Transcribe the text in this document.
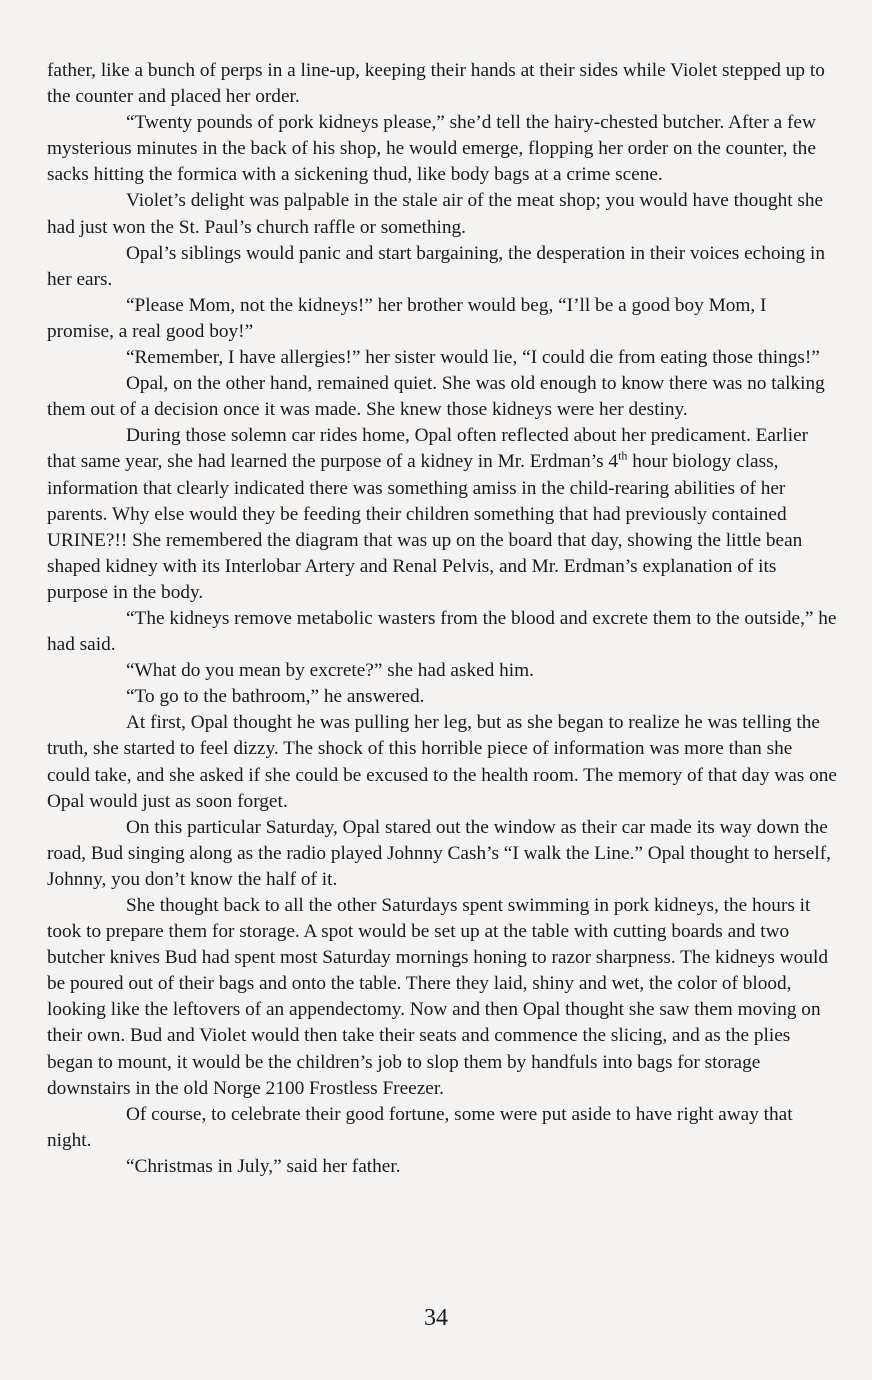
father, like a bunch of perps in a line-up, keeping their hands at their sides while Violet stepped up to the counter and placed her order.

“Twenty pounds of pork kidneys please,” she’d tell the hairy-chested butcher. After a few mysterious minutes in the back of his shop, he would emerge, flopping her order on the counter, the sacks hitting the formica with a sickening thud, like body bags at a crime scene.

Violet’s delight was palpable in the stale air of the meat shop; you would have thought she had just won the St. Paul’s church raffle or something.

Opal’s siblings would panic and start bargaining, the desperation in their voices echoing in her ears.

“Please Mom, not the kidneys!” her brother would beg, “I’ll be a good boy Mom, I promise, a real good boy!”

“Remember, I have allergies!” her sister would lie, “I could die from eating those things!”

Opal, on the other hand, remained quiet. She was old enough to know there was no talking them out of a decision once it was made. She knew those kidneys were her destiny.

During those solemn car rides home, Opal often reflected about her predicament. Earlier that same year, she had learned the purpose of a kidney in Mr. Erdman’s 4th hour biology class, information that clearly indicated there was something amiss in the child-rearing abilities of her parents. Why else would they be feeding their children something that had previously contained URINE?!! She remembered the diagram that was up on the board that day, showing the little bean shaped kidney with its Interlobar Artery and Renal Pelvis, and Mr. Erdman’s explanation of its purpose in the body.

“The kidneys remove metabolic wasters from the blood and excrete them to the outside,” he had said.

“What do you mean by excrete?” she had asked him.

“To go to the bathroom,” he answered.

At first, Opal thought he was pulling her leg, but as she began to realize he was telling the truth, she started to feel dizzy. The shock of this horrible piece of information was more than she could take, and she asked if she could be excused to the health room. The memory of that day was one Opal would just as soon forget.

On this particular Saturday, Opal stared out the window as their car made its way down the road, Bud singing along as the radio played Johnny Cash’s “I walk the Line.” Opal thought to herself, Johnny, you don’t know the half of it.

She thought back to all the other Saturdays spent swimming in pork kidneys, the hours it took to prepare them for storage. A spot would be set up at the table with cutting boards and two butcher knives Bud had spent most Saturday mornings honing to razor sharpness. The kidneys would be poured out of their bags and onto the table. There they laid, shiny and wet, the color of blood, looking like the leftovers of an appendectomy. Now and then Opal thought she saw them moving on their own. Bud and Violet would then take their seats and commence the slicing, and as the plies began to mount, it would be the children’s job to slop them by handfuls into bags for storage downstairs in the old Norge 2100 Frostless Freezer.

Of course, to celebrate their good fortune, some were put aside to have right away that night.

“Christmas in July,” said her father.

34
